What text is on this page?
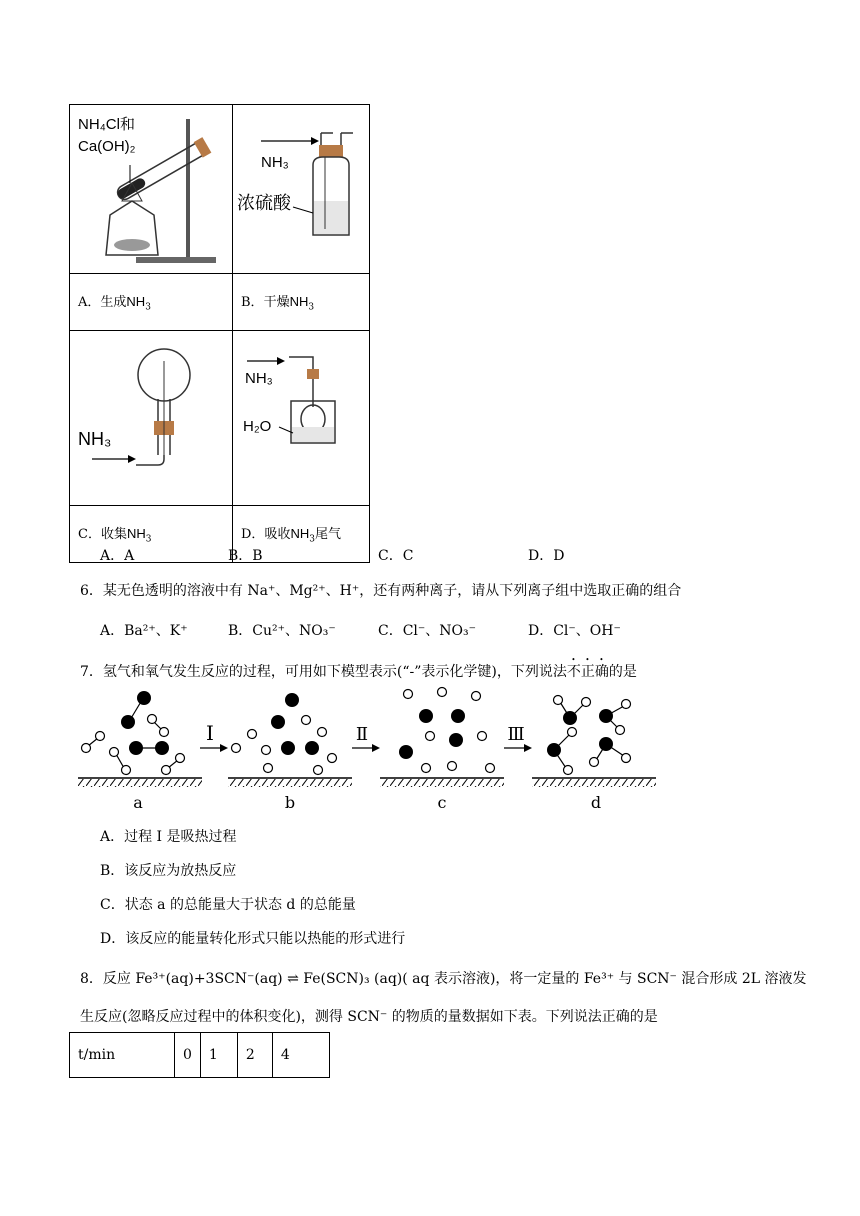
NH₄Cl和
Ca(OH)₂	NH₃
浓硫酸

A．生成$NH_3$	B．干燥$NH_3$

NH₃	NH₃
H₂O

C．收集$NH_3$	D．吸收$NH_3$尾气
A．A	B．B	C．C	D．D
6．某无色透明的溶液中有 Na⁺、Mg²⁺、H⁺，还有两种离子，请从下列离子组中选取正确的组合
A．Ba²⁺、K⁺	B．Cu²⁺、NO₃⁻	C．Cl⁻、NO₃⁻	D．Cl⁻、OH⁻
7．氢气和氧气发生反应的过程，可用如下模型表示(“-”表示化学键)，下列说法不正确的是
a
I
b
Ⅱ
c
Ⅲ
d
A．过程 I 是吸热过程
B．该反应为放热反应
C．状态 a 的总能量大于状态 d 的总能量
D．该反应的能量转化形式只能以热能的形式进行
8．反应 Fe³⁺(aq)+3SCN⁻(aq) ⇌ Fe(SCN)₃ (aq)( aq 表示溶液)，将一定量的 Fe³⁺ 与 SCN⁻ 混合形成 2L 溶液发
生反应(忽略反应过程中的体积变化)，测得 SCN⁻ 的物质的量数据如下表。下列说法正确的是
t/min	0	1	2	4
